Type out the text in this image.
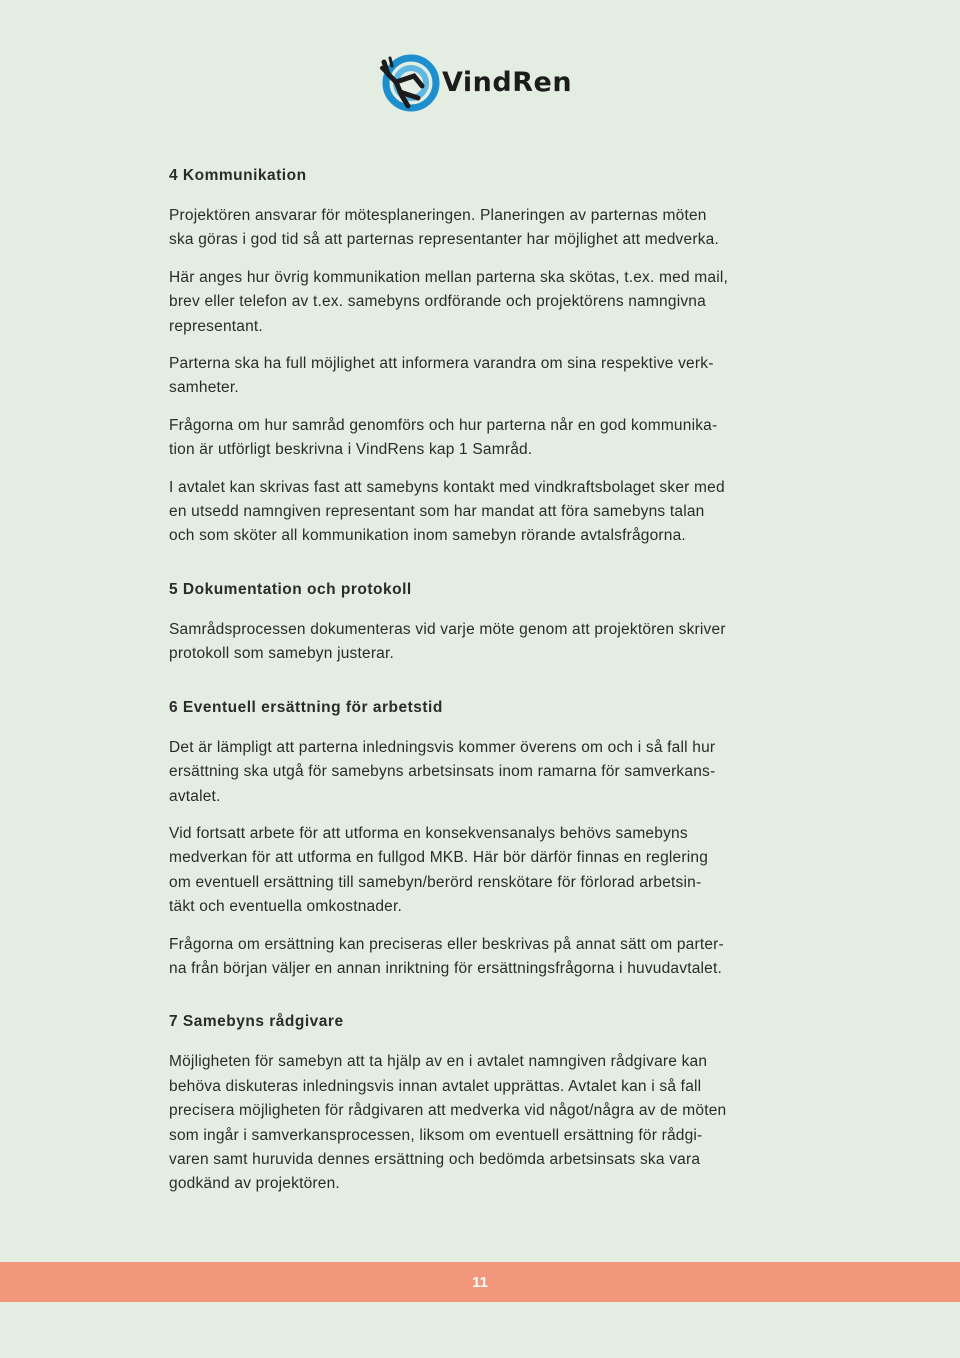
VindRen
4 Kommunikation

Projektören ansvarar för mötesplaneringen. Planeringen av parternas möten
ska göras i god tid så att parternas representanter har möjlighet att medverka.

Här anges hur övrig kommunikation mellan parterna ska skötas, t.ex. med mail,
brev eller telefon av t.ex. samebyns ordförande och projektörens namngivna
representant.

Parterna ska ha full möjlighet att informera varandra om sina respektive verk-
samheter.

Frågorna om hur samråd genomförs och hur parterna når en god kommunika-
tion är utförligt beskrivna i VindRens kap 1 Samråd.

I avtalet kan skrivas fast att samebyns kontakt med vindkraftsbolaget sker med
en utsedd namngiven representant som har mandat att föra samebyns talan
och som sköter all kommunikation inom samebyn rörande avtalsfrågorna.

5 Dokumentation och protokoll

Samrådsprocessen dokumenteras vid varje möte genom att projektören skriver
protokoll som samebyn justerar.

6 Eventuell ersättning för arbetstid

Det är lämpligt att parterna inledningsvis kommer överens om och i så fall hur
ersättning ska utgå för samebyns arbetsinsats inom ramarna för samverkans-
avtalet.

Vid fortsatt arbete för att utforma en konsekvensanalys behövs samebyns
medverkan för att utforma en fullgod MKB. Här bör därför finnas en reglering
om eventuell ersättning till samebyn/berörd renskötare för förlorad arbetsin-
täkt och eventuella omkostnader.

Frågorna om ersättning kan preciseras eller beskrivas på annat sätt om parter-
na från början väljer en annan inriktning för ersättningsfrågorna i huvudavtalet.

7 Samebyns rådgivare

Möjligheten för samebyn att ta hjälp av en i avtalet namngiven rådgivare kan
behöva diskuteras inledningsvis innan avtalet upprättas. Avtalet kan i så fall
precisera möjligheten för rådgivaren att medverka vid något/några av de möten
som ingår i samverkansprocessen, liksom om eventuell ersättning för rådgi-
varen samt huruvida dennes ersättning och bedömda arbetsinsats ska vara
godkänd av projektören.

11
